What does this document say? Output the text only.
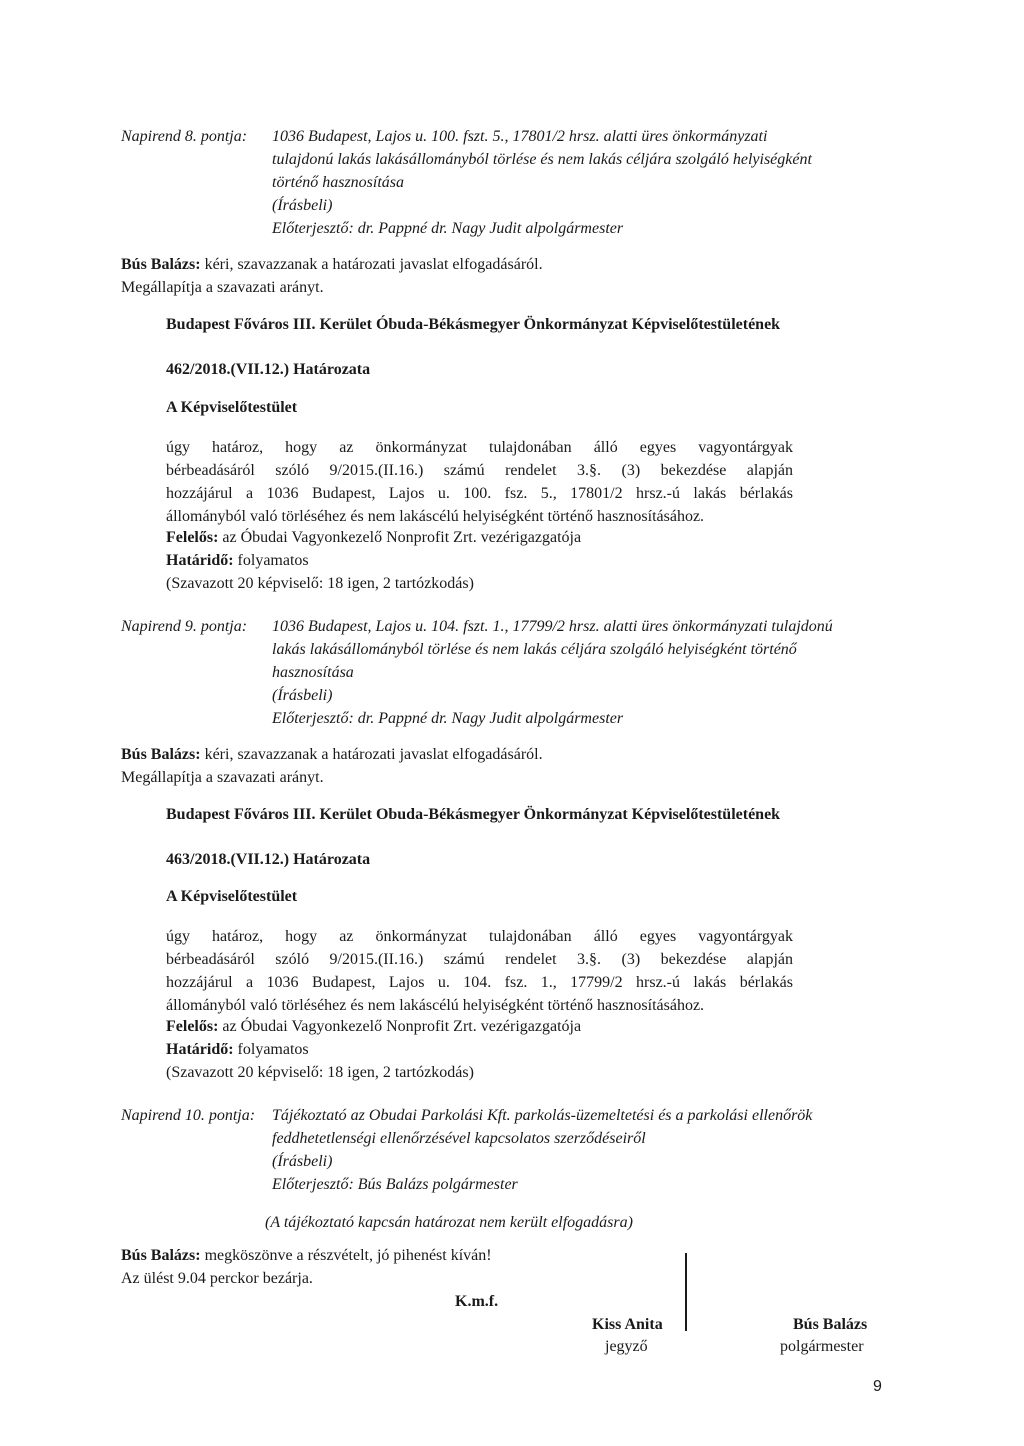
Napirend 8. pontja: 1036 Budapest, Lajos u. 100. fszt. 5., 17801/2 hrsz. alatti üres önkormányzati
tulajdonú lakás lakásállományból törlése és nem lakás céljára szolgáló helyiségként
történő hasznosítása
(Írásbeli)
Előterjesztő: dr. Pappné dr. Nagy Judit alpolgármester
Bús Balázs: kéri, szavazzanak a határozati javaslat elfogadásáról.
Megállapítja a szavazati arányt.
Budapest Főváros III. Kerület Óbuda-Békásmegyer Önkormányzat Képviselőtestületének
462/2018.(VII.12.) Határozata
A Képviselőtestület
úgy határoz, hogy az önkormányzat tulajdonában álló egyes vagyontárgyak
bérbeadásáról szóló 9/2015.(II.16.) számú rendelet 3.§. (3) bekezdése alapján
hozzájárul a 1036 Budapest, Lajos u. 100. fsz. 5., 17801/2 hrsz.-ú lakás bérlakás
állományból való törléséhez és nem lakáscélú helyiségként történő hasznosításához.
Felelős: az Óbudai Vagyonkezelő Nonprofit Zrt. vezérigazgatója
Határidő: folyamatos
(Szavazott 20 képviselő: 18 igen, 2 tartózkodás)
Napirend 9. pontja: 1036 Budapest, Lajos u. 104. fszt. 1., 17799/2 hrsz. alatti üres önkormányzati tulajdonú
lakás lakásállományból törlése és nem lakás céljára szolgáló helyiségként történő
hasznosítása
(Írásbeli)
Előterjesztő: dr. Pappné dr. Nagy Judit alpolgármester
Bús Balázs: kéri, szavazzanak a határozati javaslat elfogadásáról.
Megállapítja a szavazati arányt.
Budapest Főváros III. Kerület Obuda-Békásmegyer Önkormányzat Képviselőtestületének
463/2018.(VII.12.) Határozata
A Képviselőtestület
úgy határoz, hogy az önkormányzat tulajdonában álló egyes vagyontárgyak
bérbeadásáról szóló 9/2015.(II.16.) számú rendelet 3.§. (3) bekezdése alapján
hozzájárul a 1036 Budapest, Lajos u. 104. fsz. 1., 17799/2 hrsz.-ú lakás bérlakás
állományból való törléséhez és nem lakáscélú helyiségként történő hasznosításához.
Felelős: az Óbudai Vagyonkezelő Nonprofit Zrt. vezérigazgatója
Határidő: folyamatos
(Szavazott 20 képviselő: 18 igen, 2 tartózkodás)
Napirend 10. pontja: Tájékoztató az Obudai Parkolási Kft. parkolás-üzemeltetési és a parkolási ellenőrök
feddhetetlenségi ellenőrzésével kapcsolatos szerződéseiről
(Írásbeli)
Előterjesztő: Bús Balázs polgármester
(A tájékoztató kapcsán határozat nem került elfogadásra)
Bús Balázs: megköszönve a részvételt, jó pihenést kíván!
Az ülést 9.04 perckor bezárja.
K.m.f.
Kiss Anita
jegyző
Bús Balázs
polgármester
9
